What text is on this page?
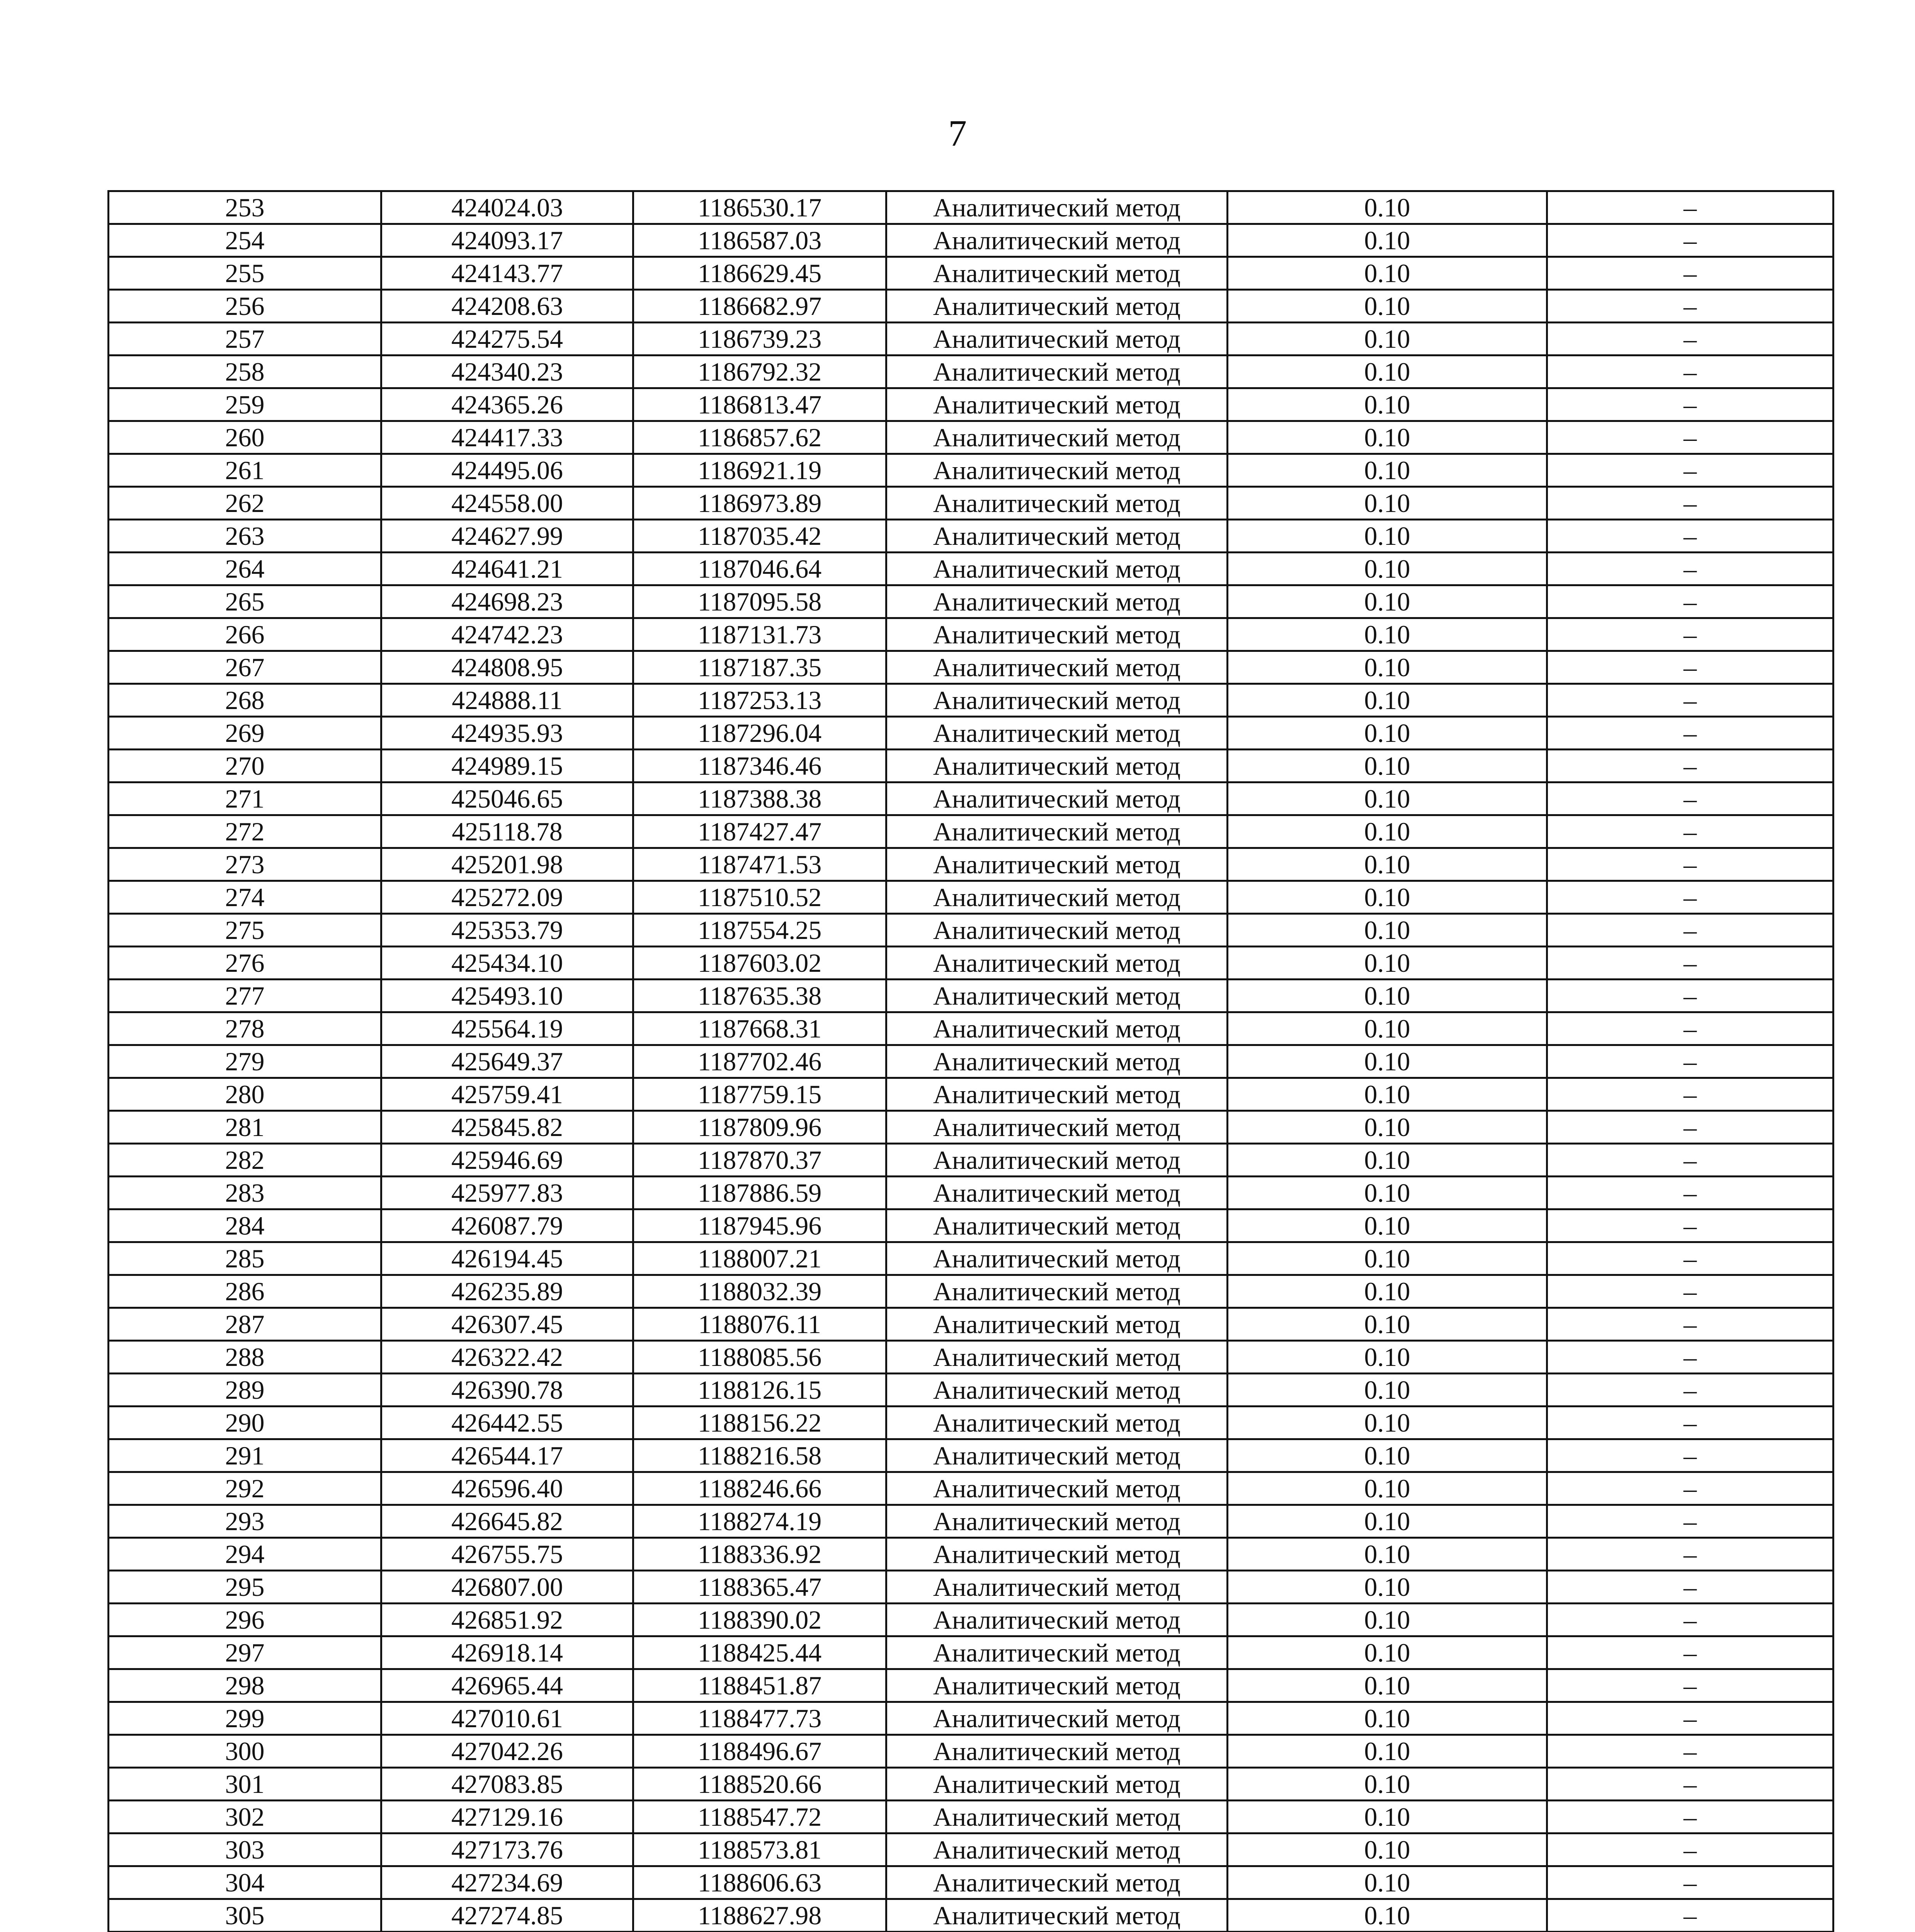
7
253	424024.03	1186530.17	Аналитический метод	0.10	–
254	424093.17	1186587.03	Аналитический метод	0.10	–
255	424143.77	1186629.45	Аналитический метод	0.10	–
256	424208.63	1186682.97	Аналитический метод	0.10	–
257	424275.54	1186739.23	Аналитический метод	0.10	–
258	424340.23	1186792.32	Аналитический метод	0.10	–
259	424365.26	1186813.47	Аналитический метод	0.10	–
260	424417.33	1186857.62	Аналитический метод	0.10	–
261	424495.06	1186921.19	Аналитический метод	0.10	–
262	424558.00	1186973.89	Аналитический метод	0.10	–
263	424627.99	1187035.42	Аналитический метод	0.10	–
264	424641.21	1187046.64	Аналитический метод	0.10	–
265	424698.23	1187095.58	Аналитический метод	0.10	–
266	424742.23	1187131.73	Аналитический метод	0.10	–
267	424808.95	1187187.35	Аналитический метод	0.10	–
268	424888.11	1187253.13	Аналитический метод	0.10	–
269	424935.93	1187296.04	Аналитический метод	0.10	–
270	424989.15	1187346.46	Аналитический метод	0.10	–
271	425046.65	1187388.38	Аналитический метод	0.10	–
272	425118.78	1187427.47	Аналитический метод	0.10	–
273	425201.98	1187471.53	Аналитический метод	0.10	–
274	425272.09	1187510.52	Аналитический метод	0.10	–
275	425353.79	1187554.25	Аналитический метод	0.10	–
276	425434.10	1187603.02	Аналитический метод	0.10	–
277	425493.10	1187635.38	Аналитический метод	0.10	–
278	425564.19	1187668.31	Аналитический метод	0.10	–
279	425649.37	1187702.46	Аналитический метод	0.10	–
280	425759.41	1187759.15	Аналитический метод	0.10	–
281	425845.82	1187809.96	Аналитический метод	0.10	–
282	425946.69	1187870.37	Аналитический метод	0.10	–
283	425977.83	1187886.59	Аналитический метод	0.10	–
284	426087.79	1187945.96	Аналитический метод	0.10	–
285	426194.45	1188007.21	Аналитический метод	0.10	–
286	426235.89	1188032.39	Аналитический метод	0.10	–
287	426307.45	1188076.11	Аналитический метод	0.10	–
288	426322.42	1188085.56	Аналитический метод	0.10	–
289	426390.78	1188126.15	Аналитический метод	0.10	–
290	426442.55	1188156.22	Аналитический метод	0.10	–
291	426544.17	1188216.58	Аналитический метод	0.10	–
292	426596.40	1188246.66	Аналитический метод	0.10	–
293	426645.82	1188274.19	Аналитический метод	0.10	–
294	426755.75	1188336.92	Аналитический метод	0.10	–
295	426807.00	1188365.47	Аналитический метод	0.10	–
296	426851.92	1188390.02	Аналитический метод	0.10	–
297	426918.14	1188425.44	Аналитический метод	0.10	–
298	426965.44	1188451.87	Аналитический метод	0.10	–
299	427010.61	1188477.73	Аналитический метод	0.10	–
300	427042.26	1188496.67	Аналитический метод	0.10	–
301	427083.85	1188520.66	Аналитический метод	0.10	–
302	427129.16	1188547.72	Аналитический метод	0.10	–
303	427173.76	1188573.81	Аналитический метод	0.10	–
304	427234.69	1188606.63	Аналитический метод	0.10	–
305	427274.85	1188627.98	Аналитический метод	0.10	–
